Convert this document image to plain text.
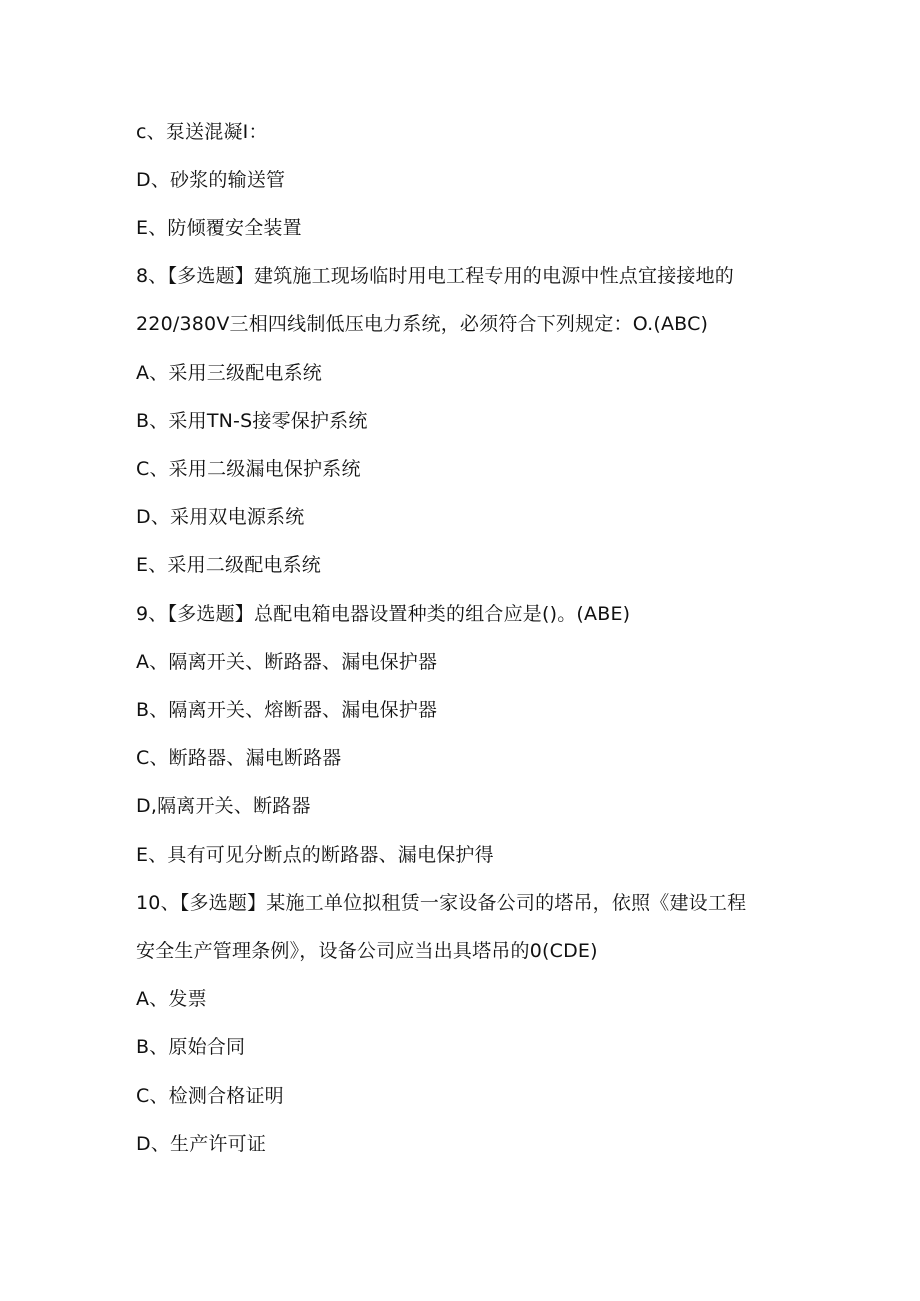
c、泵送混凝I：
D、砂浆的输送管
E、防倾覆安全装置
8、【多选题】建筑施工现场临时用电工程专用的电源中性点宜接接地的
220/380V三相四线制低压电力系统，必须符合下列规定：O.(ABC)
A、采用三级配电系统
B、采用TN-S接零保护系统
C、采用二级漏电保护系统
D、采用双电源系统
E、采用二级配电系统
9、【多选题】总配电箱电器设置种类的组合应是()。(ABE)
A、隔离开关、断路器、漏电保护器
B、隔离开关、熔断器、漏电保护器
C、断路器、漏电断路器
D,隔离开关、断路器
E、具有可见分断点的断路器、漏电保护得
10、【多选题】某施工单位拟租赁一家设备公司的塔吊，依照《建设工程
安全生产管理条例》，设备公司应当出具塔吊的0(CDE)
A、发票
B、原始合同
C、检测合格证明
D、生产许可证
